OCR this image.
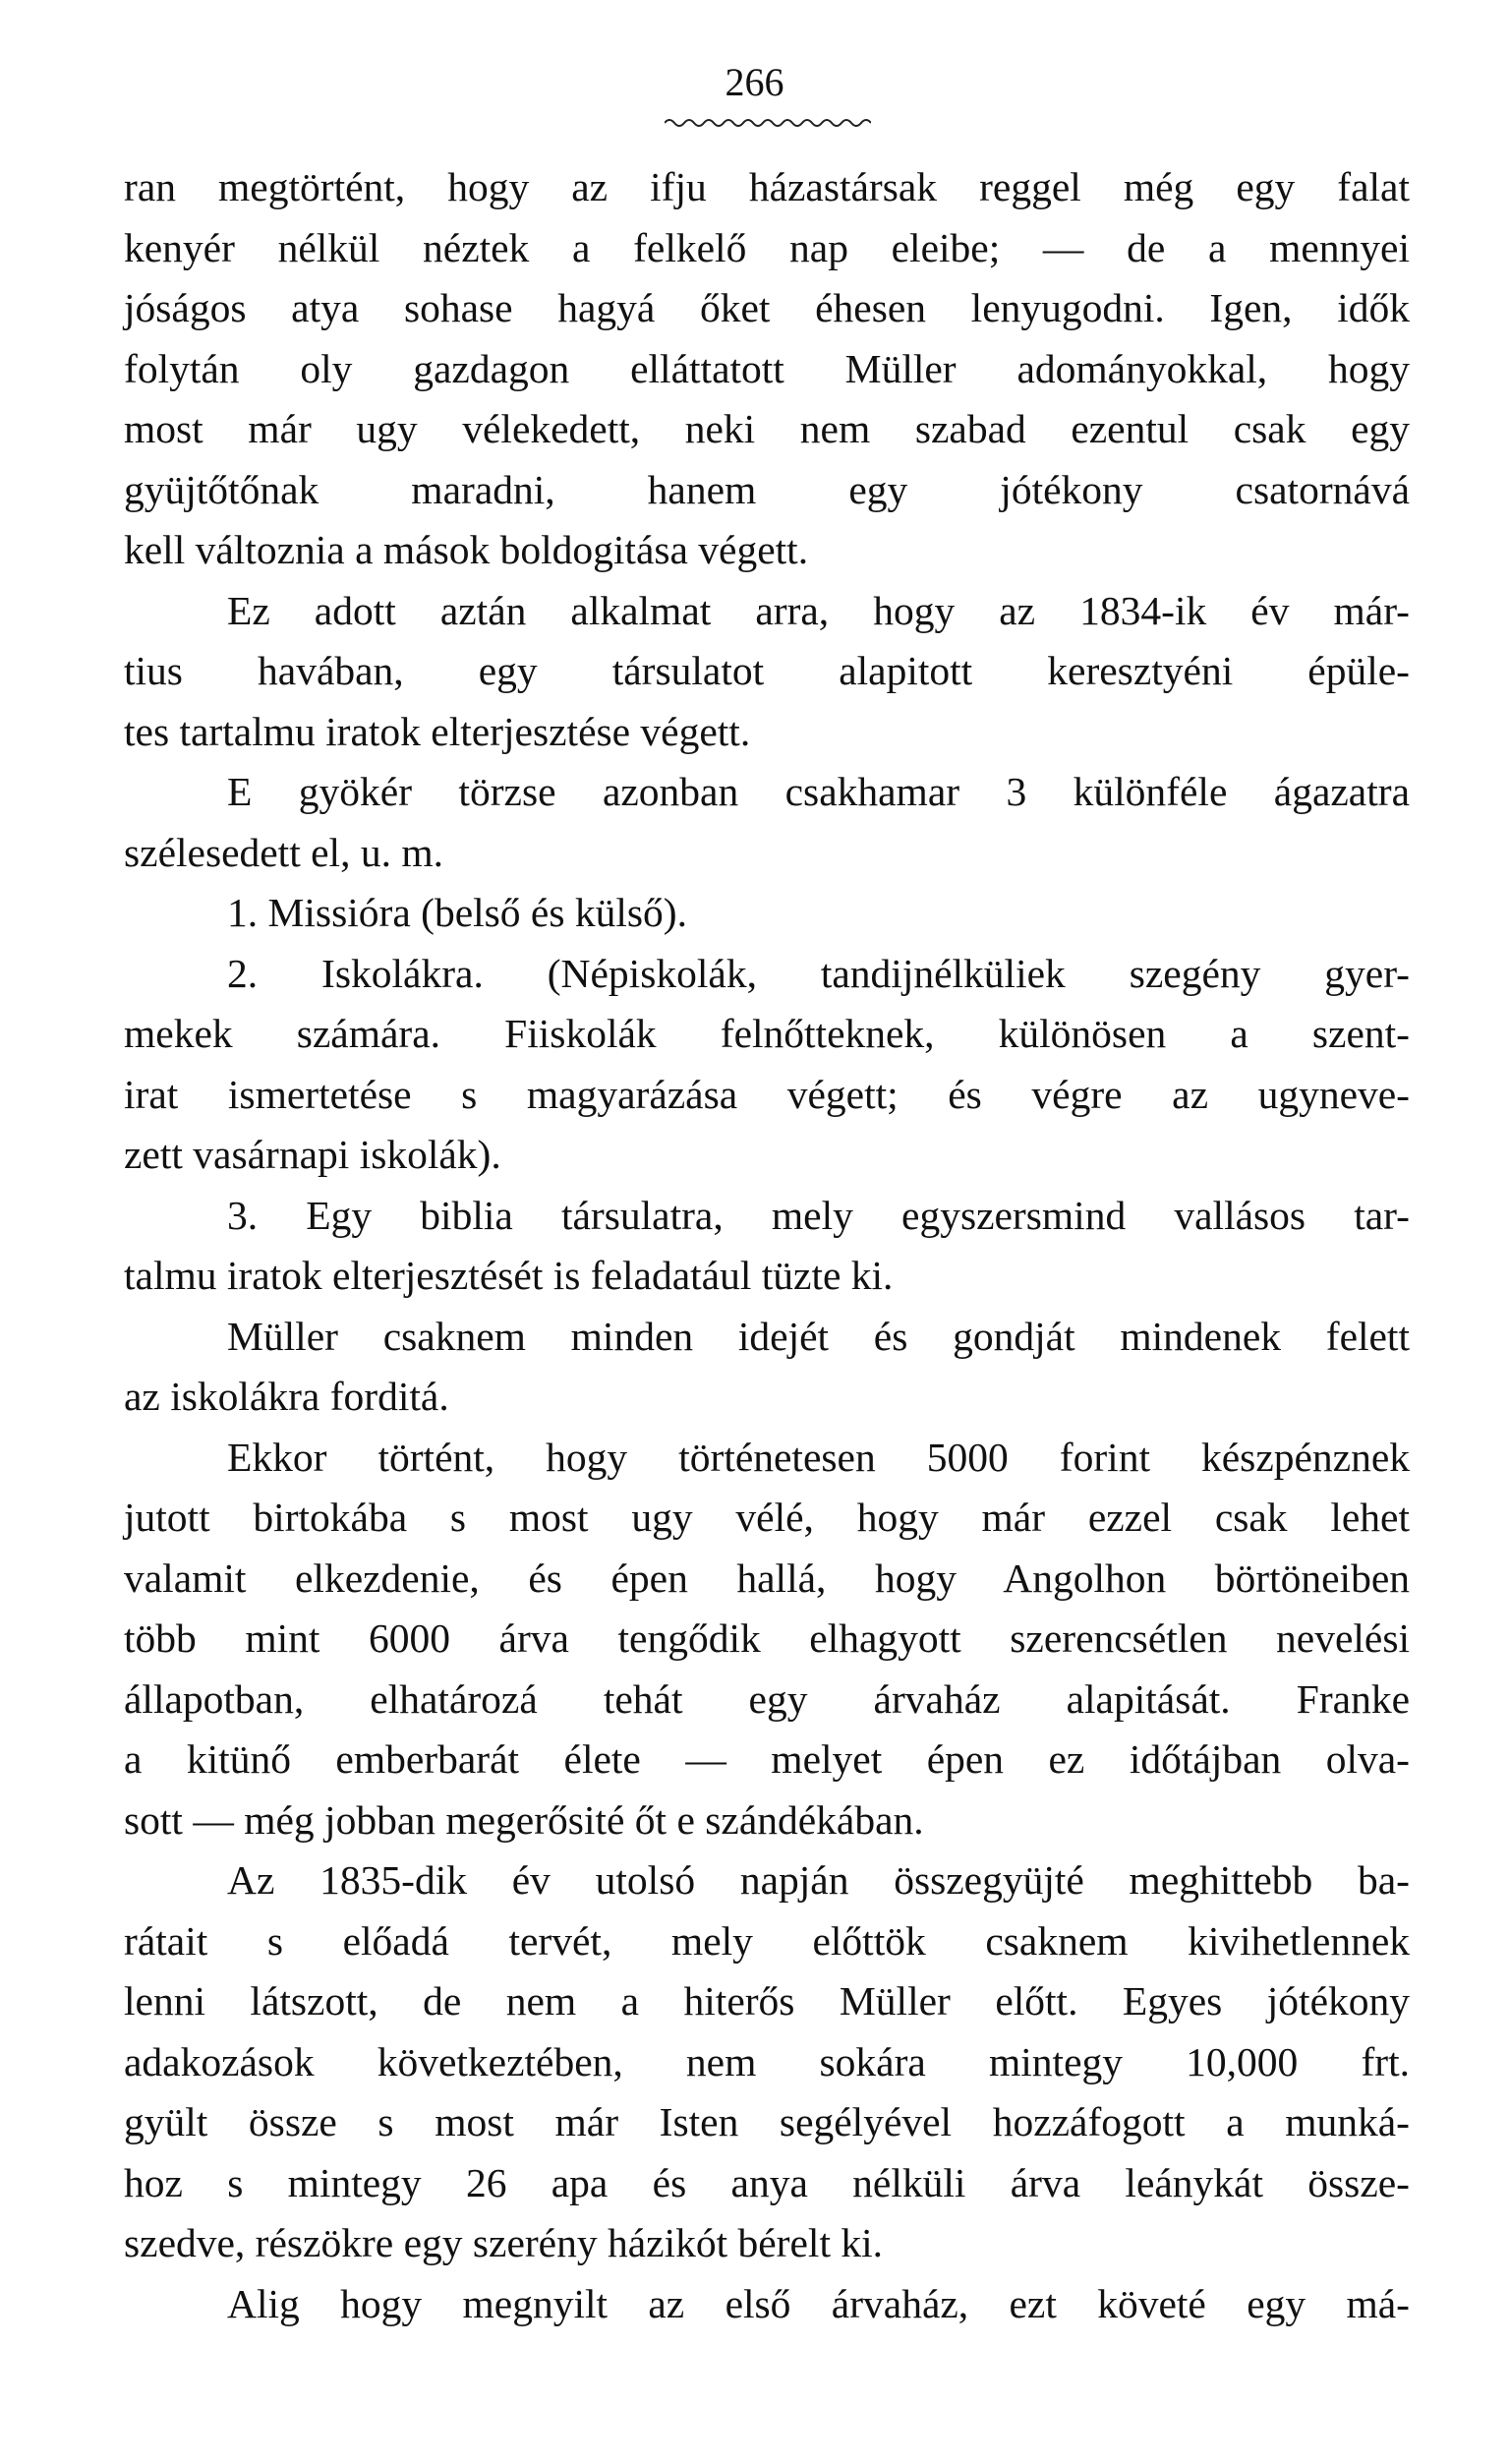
266
ran megtörtént, hogy az ifju házastársak reggel még egy falat
kenyér nélkül néztek a felkelő nap eleibe; — de a mennyei
jóságos atya sohase hagyá őket éhesen lenyugodni. Igen, idők
folytán oly gazdagon elláttatott Müller adományokkal, hogy
most már ugy vélekedett, neki nem szabad ezentul csak egy
gyüjtőtőnak maradni, hanem egy jótékony csatornává
kell változnia a mások boldogitása végett.
Ez adott aztán alkalmat arra, hogy az 1834-ik év már-
tius havában, egy társulatot alapitott keresztyéni épüle-
tes tartalmu iratok elterjesztése végett.
E gyökér törzse azonban csakhamar 3 különféle ágazatra
szélesedett el, u. m.
1. Missióra (belső és külső).
2. Iskolákra. (Népiskolák, tandijnélküliek szegény gyer-
mekek számára. Fiiskolák felnőtteknek, különösen a szent-
irat ismertetése s magyarázása végett; és végre az ugyneve-
zett vasárnapi iskolák).
3. Egy biblia társulatra, mely egyszersmind vallásos tar-
talmu iratok elterjesztését is feladatául tüzte ki.
Müller csaknem minden idejét és gondját mindenek felett
az iskolákra forditá.
Ekkor történt, hogy történetesen 5000 forint készpénznek
jutott birtokába s most ugy vélé, hogy már ezzel csak lehet
valamit elkezdenie, és épen hallá, hogy Angolhon börtöneiben
több mint 6000 árva tengődik elhagyott szerencsétlen nevelési
állapotban, elhatározá tehát egy árvaház alapitását. Franke
a kitünő emberbarát élete — melyet épen ez időtájban olva-
sott — még jobban megerősité őt e szándékában.
Az 1835-dik év utolsó napján összegyüjté meghittebb ba-
rátait s előadá tervét, mely előttök csaknem kivihetlennek
lenni látszott, de nem a hiterős Müller előtt. Egyes jótékony
adakozások következtében, nem sokára mintegy 10,000 frt.
gyült össze s most már Isten segélyével hozzáfogott a munká-
hoz s mintegy 26 apa és anya nélküli árva leánykát össze-
szedve, részökre egy szerény házikót bérelt ki.
Alig hogy megnyilt az első árvaház, ezt követé egy má-
